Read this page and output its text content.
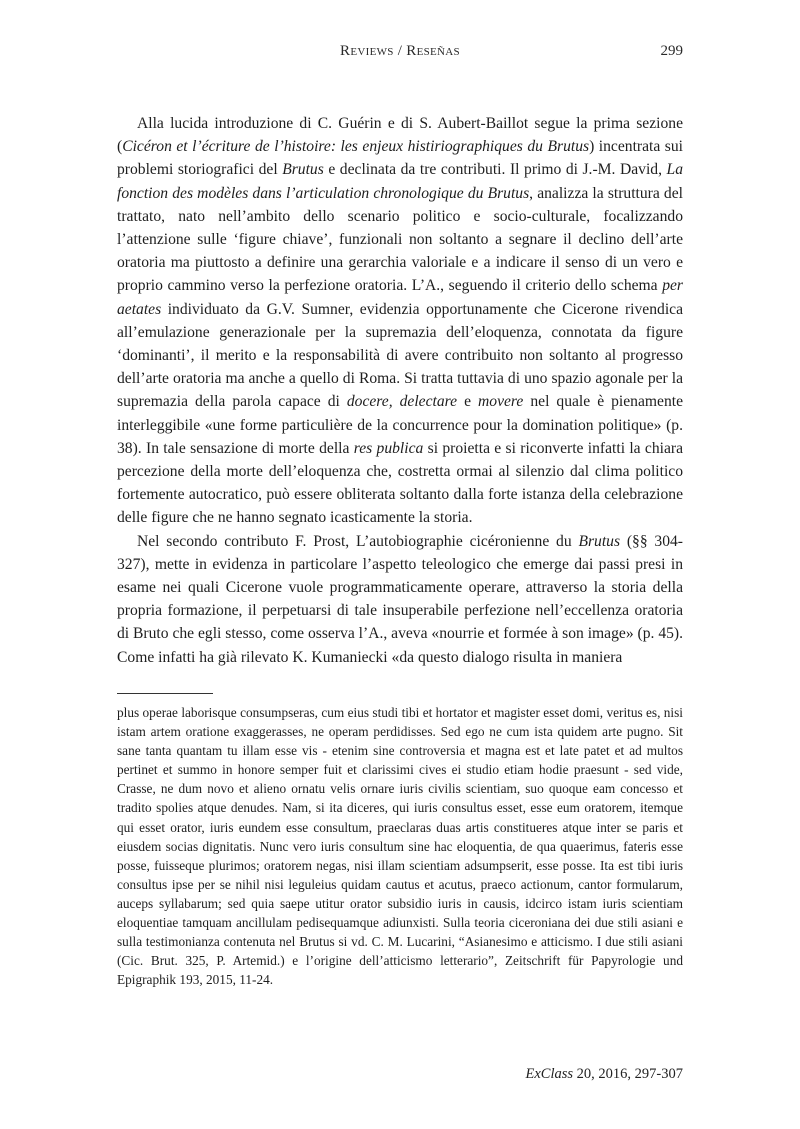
Reviews / Reseñas	299

Alla lucida introduzione di C. Guérin e di S. Aubert-Baillot segue la prima sezione (Cicéron et l’écriture de l’histoire: les enjeux histiriographiques du Brutus) incentrata sui problemi storiografici del Brutus e declinata da tre contributi. Il primo di J.-M. David, La fonction des modèles dans l’articulation chronologique du Brutus, analizza la struttura del trattato, nato nell’ambito dello scenario politico e socio-culturale, focalizzando l’attenzione sulle ‘figure chiave’, funzionali non soltanto a segnare il declino dell’arte oratoria ma piuttosto a definire una gerarchia valoriale e a indicare il senso di un vero e proprio cammino verso la perfezione oratoria. L’A., seguendo il criterio dello schema per aetates individuato da G.V. Sumner, evidenzia opportunamente che Cicerone rivendica all’emulazione generazionale per la supremazia dell’eloquenza, connotata da figure ‘dominanti’, il merito e la responsabilità di avere contribuito non soltanto al progresso dell’arte oratoria ma anche a quello di Roma. Si tratta tuttavia di uno spazio agonale per la supremazia della parola capace di docere, delectare e movere nel quale è pienamente interleggibile «une forme particulière de la concurrence pour la domination politique» (p. 38). In tale sensazione di morte della res publica si proietta e si riconverte infatti la chiara percezione della morte dell’eloquenza che, costretta ormai al silenzio dal clima politico fortemente autocratico, può essere obliterata soltanto dalla forte istanza della celebrazione delle figure che ne hanno segnato icasticamente la storia.

Nel secondo contributo F. Prost, L’autobiographie cicéronienne du Brutus (§§ 304-327), mette in evidenza in particolare l’aspetto teleologico che emerge dai passi presi in esame nei quali Cicerone vuole programmaticamente operare, attraverso la storia della propria formazione, il perpetuarsi di tale insuperabile perfezione nell’eccellenza oratoria di Bruto che egli stesso, come osserva l’A., aveva «nourrie et formée à son image» (p. 45). Come infatti ha già rilevato K. Kumaniecki «da questo dialogo risulta in maniera

plus operae laborisque consumpseras, cum eius studi tibi et hortator et magister esset domi, veritus es, nisi istam artem oratione exaggerasses, ne operam perdidisses. Sed ego ne cum ista quidem arte pugno. Sit sane tanta quantam tu illam esse vis - etenim sine controversia et magna est et late patet et ad multos pertinet et summo in honore semper fuit et clarissimi cives ei studio etiam hodie praesunt - sed vide, Crasse, ne dum novo et alieno ornatu velis ornare iuris civilis scientiam, suo quoque eam concesso et tradito spolies atque denudes. Nam, si ita diceres, qui iuris consultus esset, esse eum oratorem, itemque qui esset orator, iuris eundem esse consultum, praeclaras duas artis constitueres atque inter se paris et eiusdem socias dignitatis. Nunc vero iuris consultum sine hac eloquentia, de qua quaerimus, fateris esse posse, fuisseque plurimos; oratorem negas, nisi illam scientiam adsumpserit, esse posse. Ita est tibi iuris consultus ipse per se nihil nisi leguleius quidam cautus et acutus, praeco actionum, cantor formularum, auceps syllabarum; sed quia saepe utitur orator subsidio iuris in causis, idcirco istam iuris scientiam eloquentiae tamquam ancillulam pedisequamque adiunxisti. Sulla teoria ciceroniana dei due stili asiani e sulla testimonianza contenuta nel Brutus si vd. C. M. Lucarini, “Asianesimo e atticismo. I due stili asiani (Cic. Brut. 325, P. Artemid.) e l’origine dell’atticismo letterario”, Zeitschrift für Papyrologie und Epigraphik 193, 2015, 11-24.

ExClass 20, 2016, 297-307
